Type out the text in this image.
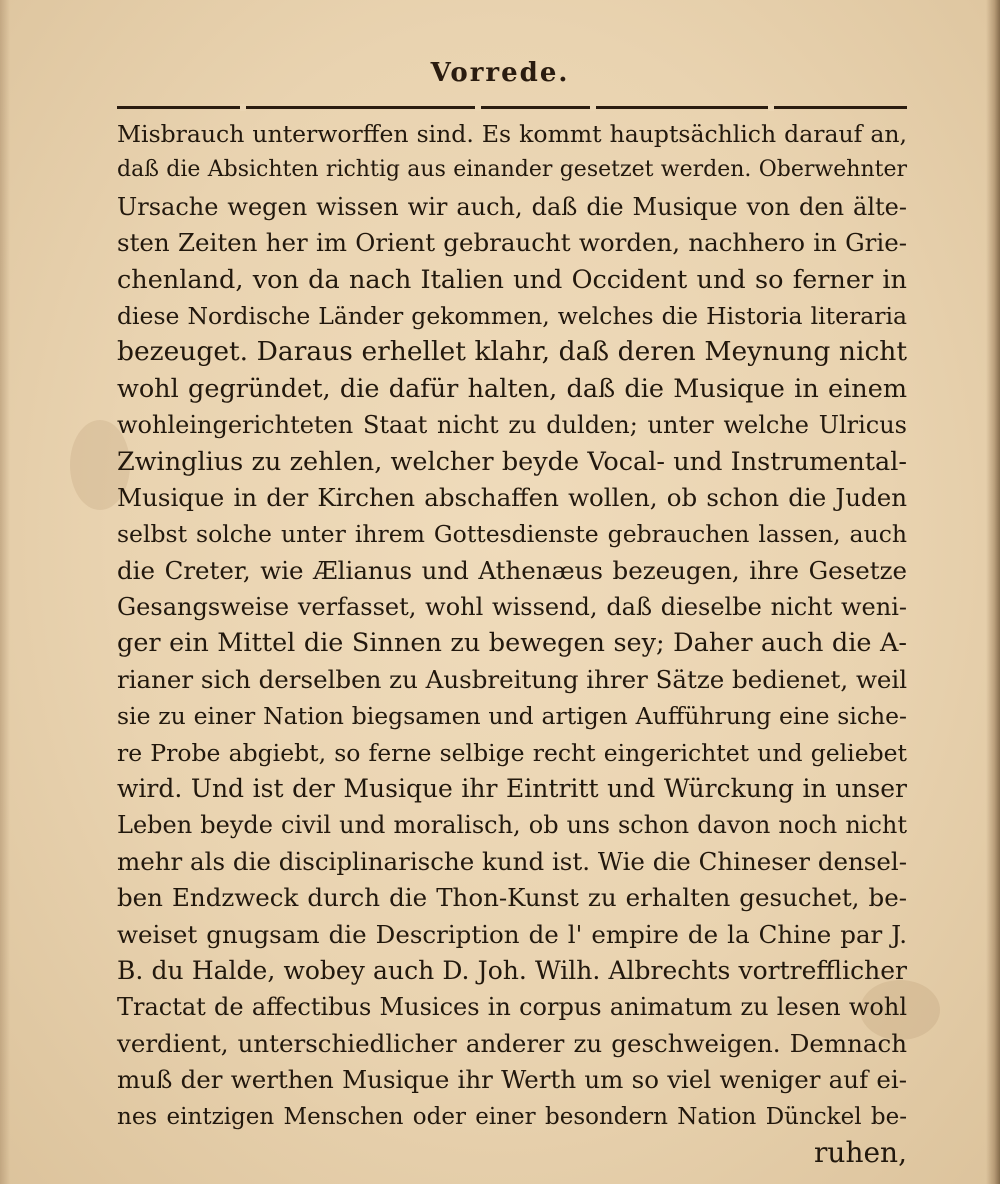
Vorrede.
Misbrauch unterworffen sind. Es kommt hauptsächlich darauf an,
daß die Absichten richtig aus einander gesetzet werden. Oberwehnter
Ursache wegen wissen wir auch, daß die Musique von den älte-
sten Zeiten her im Orient gebraucht worden, nachhero in Grie-
chenland, von da nach Italien und Occident und so ferner in
diese Nordische Länder gekommen, welches die Historia literaria
bezeuget. Daraus erhellet klahr, daß deren Meynung nicht
wohl gegründet, die dafür halten, daß die Musique in einem
wohleingerichteten Staat nicht zu dulden; unter welche Ulricus
Zwinglius zu zehlen, welcher beyde Vocal- und Instrumental-
Musique in der Kirchen abschaffen wollen, ob schon die Juden
selbst solche unter ihrem Gottesdienste gebrauchen lassen, auch
die Creter, wie Ælianus und Athenæus bezeugen, ihre Gesetze
Gesangsweise verfasset, wohl wissend, daß dieselbe nicht weni-
ger ein Mittel die Sinnen zu bewegen sey; Daher auch die A-
rianer sich derselben zu Ausbreitung ihrer Sätze bedienet, weil
sie zu einer Nation biegsamen und artigen Aufführung eine siche-
re Probe abgiebt, so ferne selbige recht eingerichtet und geliebet
wird. Und ist der Musique ihr Eintritt und Würckung in unser
Leben beyde civil und moralisch, ob uns schon davon noch nicht
mehr als die disciplinarische kund ist. Wie die Chineser densel-
ben Endzweck durch die Thon-Kunst zu erhalten gesuchet, be-
weiset gnugsam die Description de l' empire de la Chine par J.
B. du Halde, wobey auch D. Joh. Wilh. Albrechts vortrefflicher
Tractat de affectibus Musices in corpus animatum zu lesen wohl
verdient, unterschiedlicher anderer zu geschweigen. Demnach
muß der werthen Musique ihr Werth um so viel weniger auf ei-
nes eintzigen Menschen oder einer besondern Nation Dünckel be-
ruhen,
